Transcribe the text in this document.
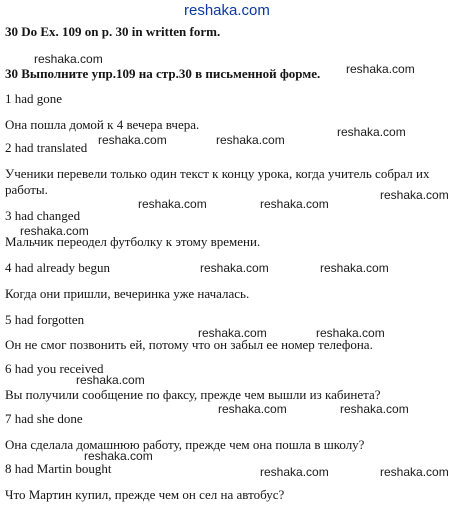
reshaka.com
30 Do Ex. 109 on p. 30 in written form.
30 Выполните упр.109 на стр.30 в письменной форме.
1 had gone
Она пошла домой к 4 вечера вчера.
2 had translated
Ученики перевели только один текст к концу урока, когда учитель собрал их работы.
3 had changed
Мальчик переодел футболку к этому времени.
4 had already begun
Когда они пришли, вечеринка уже началась.
5 had forgotten
Он не смог позвонить ей, потому что он забыл ее номер телефона.
6 had you received
Вы получили сообщение по факсу, прежде чем вышли из кабинета?
7 had she done
Она сделала домашнюю работу, прежде чем она пошла в школу?
8 had Martin bought
Что Мартин купил, прежде чем он сел на автобус?
reshaka.com
reshaka.com
reshaka.com
reshaka.com	reshaka.com
reshaka.com
reshaka.com	reshaka.com
reshaka.com
reshaka.com	reshaka.com
reshaka.com	reshaka.com
reshaka.com
reshaka.com	reshaka.com
reshaka.com
reshaka.com	reshaka.com
